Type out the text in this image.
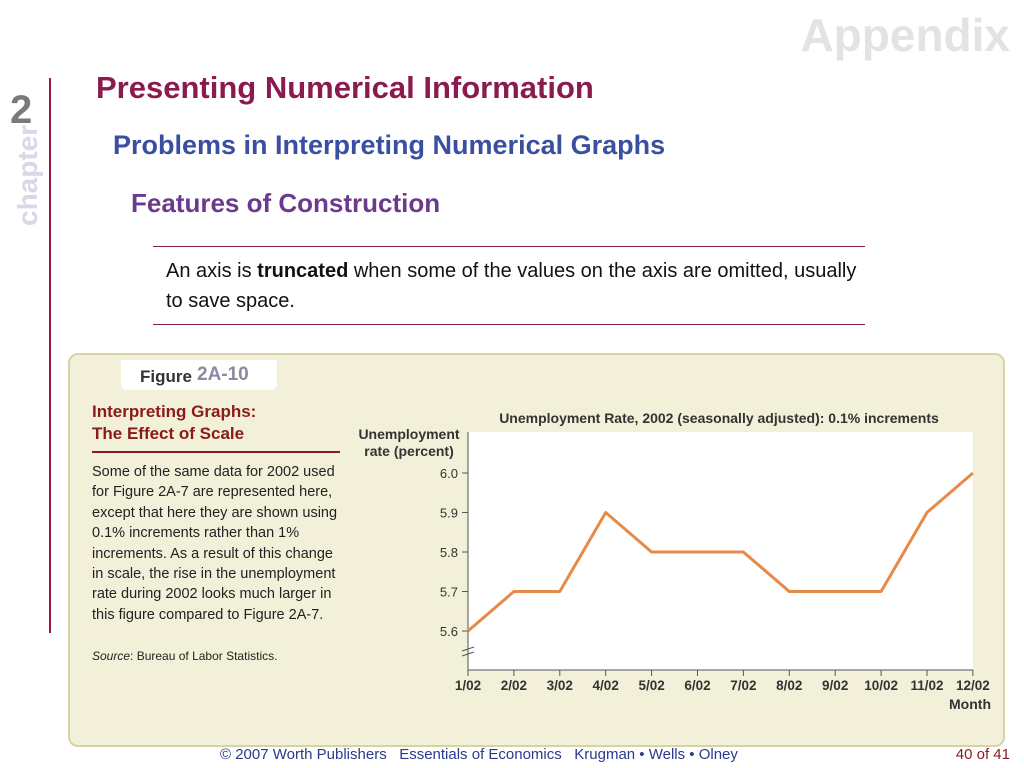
Appendix
2
chapter
Presenting Numerical Information
Problems in Interpreting Numerical Graphs
Features of Construction
An axis is truncated when some of the values on the axis are omitted, usually to save space.
Figure 2A-10
Interpreting Graphs:
The Effect of Scale
Some of the same data for 2002 used for Figure 2A-7 are represented here, except that here they are shown using 0.1% increments rather than 1% increments. As a result of this change in scale, the rise in the unemployment rate during 2002 looks much larger in this figure compared to Figure 2A-7.
Source: Bureau of Labor Statistics.
Unemployment Rate, 2002 (seasonally adjusted): 0.1% increments
Unemployment
rate (percent)
5.6
5.7
5.8
5.9
6.0
1/02 2/02 3/02 4/02 5/02 6/02 7/02 8/02 9/02 10/02 11/02 12/02
Month
© 2007 Worth Publishers   Essentials of Economics   Krugman • Wells • Olney	40 of 41
